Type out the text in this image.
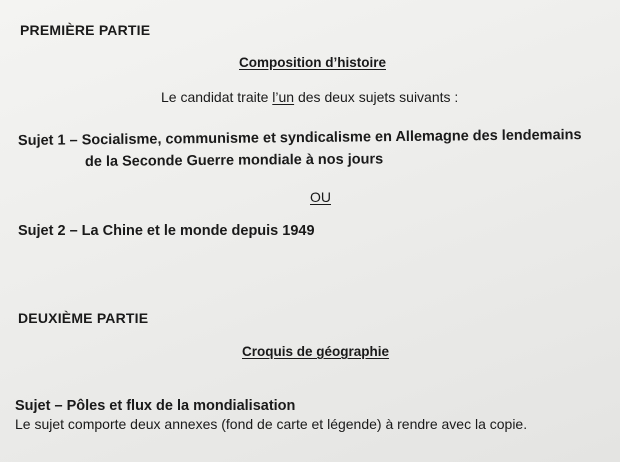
PREMIÈRE PARTIE
Composition d’histoire
Le candidat traite l’un des deux sujets suivants :
Sujet 1 – Socialisme, communisme et syndicalisme en Allemagne des lendemains
de la Seconde Guerre mondiale à nos jours
OU
Sujet 2 – La Chine et le monde depuis 1949
DEUXIÈME PARTIE
Croquis de géographie
Sujet – Pôles et flux de la mondialisation
Le sujet comporte deux annexes (fond de carte et légende) à rendre avec la copie.
